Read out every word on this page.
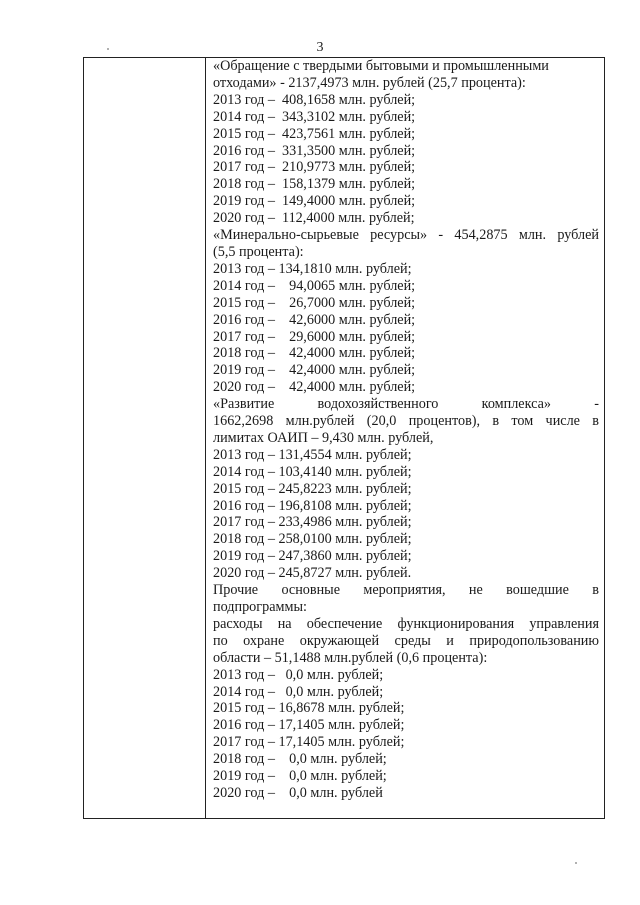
3
«Обращение с твердыми бытовыми и промышленными
отходами» - 2137,4973 млн. рублей (25,7 процента):
2013 год –  408,1658 млн. рублей;
2014 год –  343,3102 млн. рублей;
2015 год –  423,7561 млн. рублей;
2016 год –  331,3500 млн. рублей;
2017 год –  210,9773 млн. рублей;
2018 год –  158,1379 млн. рублей;
2019 год –  149,4000 млн. рублей;
2020 год –  112,4000 млн. рублей;
«Минерально-сырьевые ресурсы» - 454,2875 млн. рублей
(5,5 процента):
2013 год – 134,1810 млн. рублей;
2014 год –    94,0065 млн. рублей;
2015 год –    26,7000 млн. рублей;
2016 год –    42,6000 млн. рублей;
2017 год –    29,6000 млн. рублей;
2018 год –    42,4000 млн. рублей;
2019 год –    42,4000 млн. рублей;
2020 год –    42,4000 млн. рублей;
«Развитие водохозяйственного комплекса» -
1662,2698 млн.рублей (20,0 процентов), в том числе в
лимитах ОАИП – 9,430 млн. рублей,
2013 год – 131,4554 млн. рублей;
2014 год – 103,4140 млн. рублей;
2015 год – 245,8223 млн. рублей;
2016 год – 196,8108 млн. рублей;
2017 год – 233,4986 млн. рублей;
2018 год – 258,0100 млн. рублей;
2019 год – 247,3860 млн. рублей;
2020 год – 245,8727 млн. рублей.
Прочие основные мероприятия, не вошедшие в
подпрограммы:
расходы на обеспечение функционирования управления
по охране окружающей среды и природопользованию
области – 51,1488 млн.рублей (0,6 процента):
2013 год –   0,0 млн. рублей;
2014 год –   0,0 млн. рублей;
2015 год – 16,8678 млн. рублей;
2016 год – 17,1405 млн. рублей;
2017 год – 17,1405 млн. рублей;
2018 год –    0,0 млн. рублей;
2019 год –    0,0 млн. рублей;
2020 год –    0,0 млн. рублей
